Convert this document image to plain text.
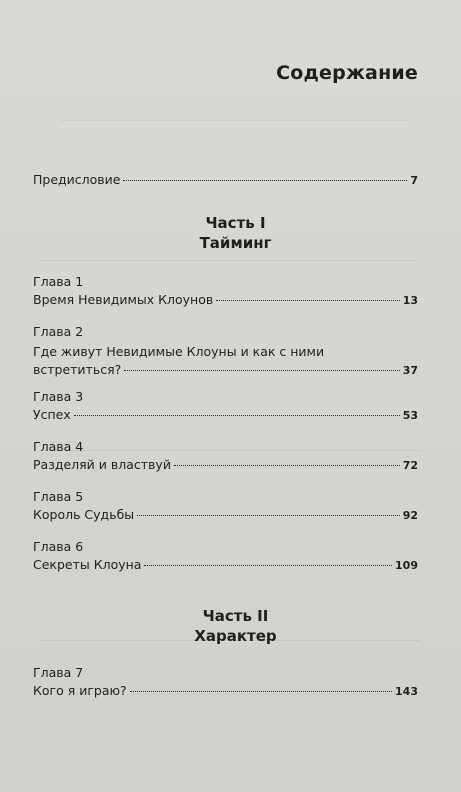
Содержание
Предисловие	7
Часть I
Тайминг
Глава 1
Время Невидимых Клоунов	13
Глава 2
Где живут Невидимые Клоуны и как с ними
встретиться?	37
Глава 3
Успех	53
Глава 4
Разделяй и властвуй	72
Глава 5
Король Судьбы	92
Глава 6
Секреты Клоуна	109
Часть II
Характер
Глава 7
Кого я играю?	143
